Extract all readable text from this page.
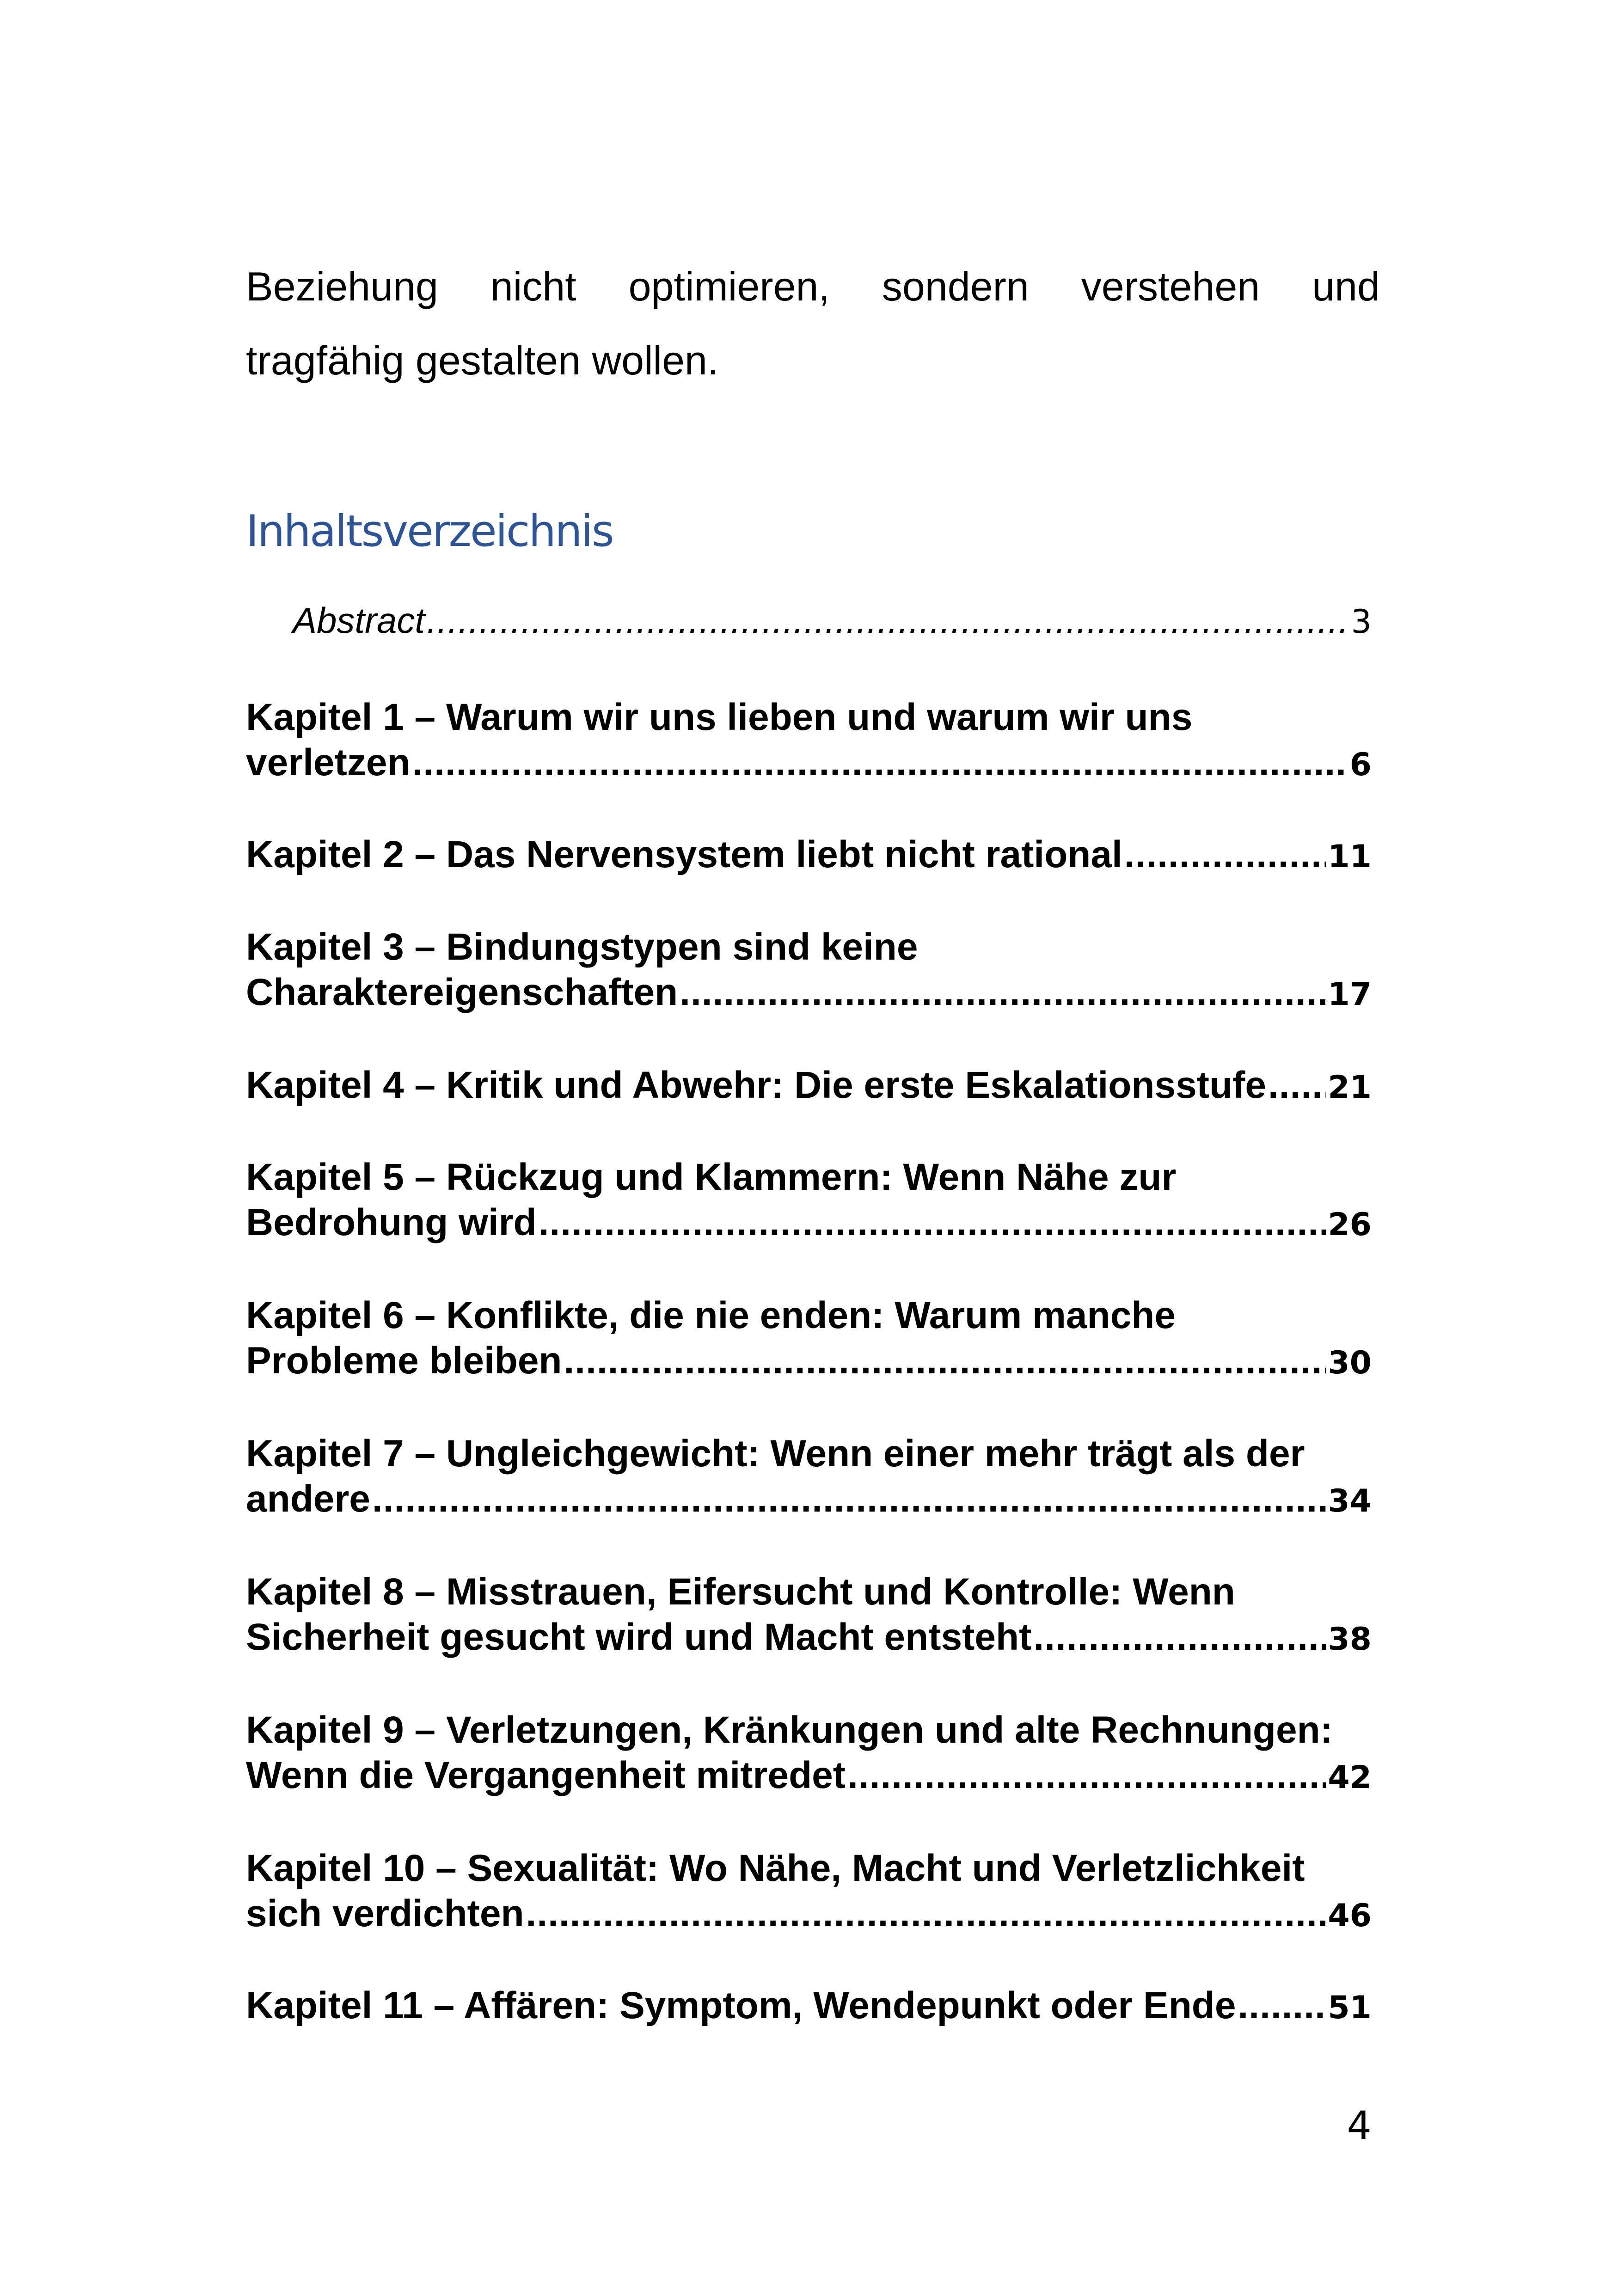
Beziehung nicht optimieren, sondern verstehen und
tragfähig gestalten wollen.

Inhaltsverzeichnis
Abstract .....	3
Kapitel 1 – Warum wir uns lieben und warum wir uns
verletzen .....	6
Kapitel 2 – Das Nervensystem liebt nicht rational .....	11
Kapitel 3 – Bindungstypen sind keine
Charaktereigenschaften .....	17
Kapitel 4 – Kritik und Abwehr: Die erste Eskalationsstufe ..... 21
Kapitel 5 – Rückzug und Klammern: Wenn Nähe zur
Bedrohung wird .....	26
Kapitel 6 – Konflikte, die nie enden: Warum manche
Probleme bleiben .....	30
Kapitel 7 – Ungleichgewicht: Wenn einer mehr trägt als der
andere .....	34
Kapitel 8 – Misstrauen, Eifersucht und Kontrolle: Wenn
Sicherheit gesucht wird und Macht entsteht .....	38
Kapitel 9 – Verletzungen, Kränkungen und alte Rechnungen:
Wenn die Vergangenheit mitredet .....	42
Kapitel 10 – Sexualität: Wo Nähe, Macht und Verletzlichkeit
sich verdichten .....	46
Kapitel 11 – Affären: Symptom, Wendepunkt oder Ende .....	51
4
